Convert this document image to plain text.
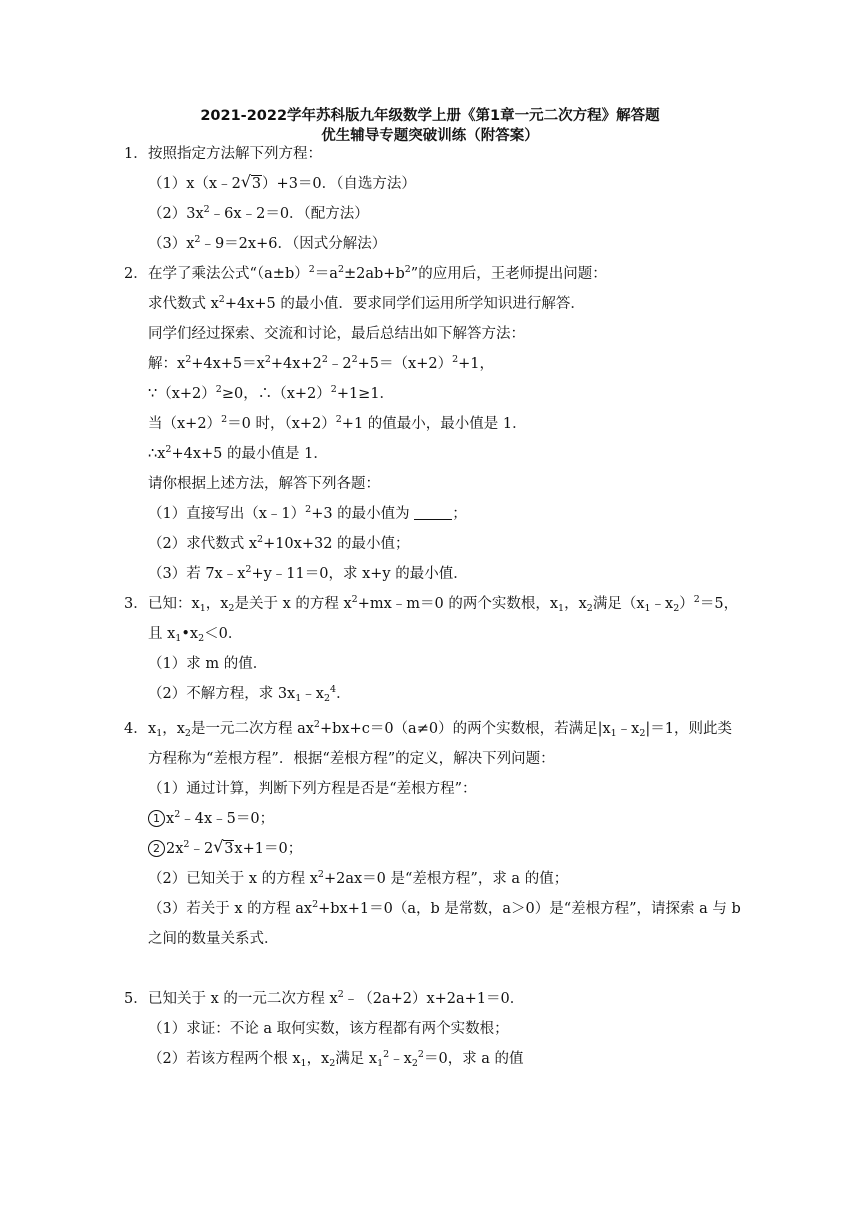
2021-2022学年苏科版九年级数学上册《第1章一元二次方程》解答题
优生辅导专题突破训练（附答案）
1．按照指定方法解下列方程：
（1）x（x﹣2 √ 3）+3＝0．（自选方法）
$(2)3x^2﹣6x﹣2=0$．（配方法）
$(3)x^2﹣9=2x+6$．（因式分解法）
2．在学了乘法公式“$(a\pm b)^2=a^2\pm 2ab+b^2$”的应用后，王老师提出问题：
求代数式 $x^2+4x+5$ 的最小值．要求同学们运用所学知识进行解答．
同学们经过探索、交流和讨论，最后总结出如下解答方法：
解：$x^2+4x+5=x^2+4x+2^2﹣2^2+5=(x+2)^2+1$，
$\because(x+2)^2\ge 0$，$\therefore(x+2)^2+1\ge 1$．
当$(x+2)^2=0$ 时，$(x+2)^2+1$ 的值最小，最小值是 1．
$\therefore x^2+4x+5$ 的最小值是 1．
请你根据上述方法，解答下列各题：
（1）直接写出（x﹣1）$^2$+3 的最小值为	；
（2）求代数式 $x^2+10x+32$ 的最小值；
（3）若 $7x﹣x^2+y﹣11=0$，求 x+y 的最小值．
3．已知：$x_1$，$x_2$是关于 x 的方程 $x^2+mx﹣m=0$ 的两个实数根，$x_1$，$x_2$满足$(x_1﹣x_2)^2=5$，
且 $x_1•x_2<0$．
（1）求 m 的值．
（2）不解方程，求 $3x_1﹣x_2^4$．
4．$x_1$，$x_2$是一元二次方程 $ax^2+bx+c=0(a\ne 0)$的两个实数根，若满足$|x_1﹣x_2|=1$，则此类
方程称为“差根方程”．根据“差根方程”的定义，解决下列问题：
（1）通过计算，判断下列方程是否是“差根方程”：
1 $x^2﹣4x﹣5=0$；
2 $2x^2﹣2$ √ 3x+1＝0；
（2）已知关于 x 的方程 $x^2+2ax=0$ 是“差根方程”，求 a 的值；
（3）若关于 x 的方程 $ax^2+bx+1=0(a$，b 是常数，a＞0）是“差根方程”，请探索 a 与 b
之间的数量关系式．
5．已知关于 x 的一元二次方程 $x^2﹣(2a+2)x+2a+1=0$．
（1）求证：不论 a 取何实数，该方程都有两个实数根；
（2）若该方程两个根 $x_1$，$x_2$满足 $x_1^2﹣x_2^2=0$，求 a 的值
